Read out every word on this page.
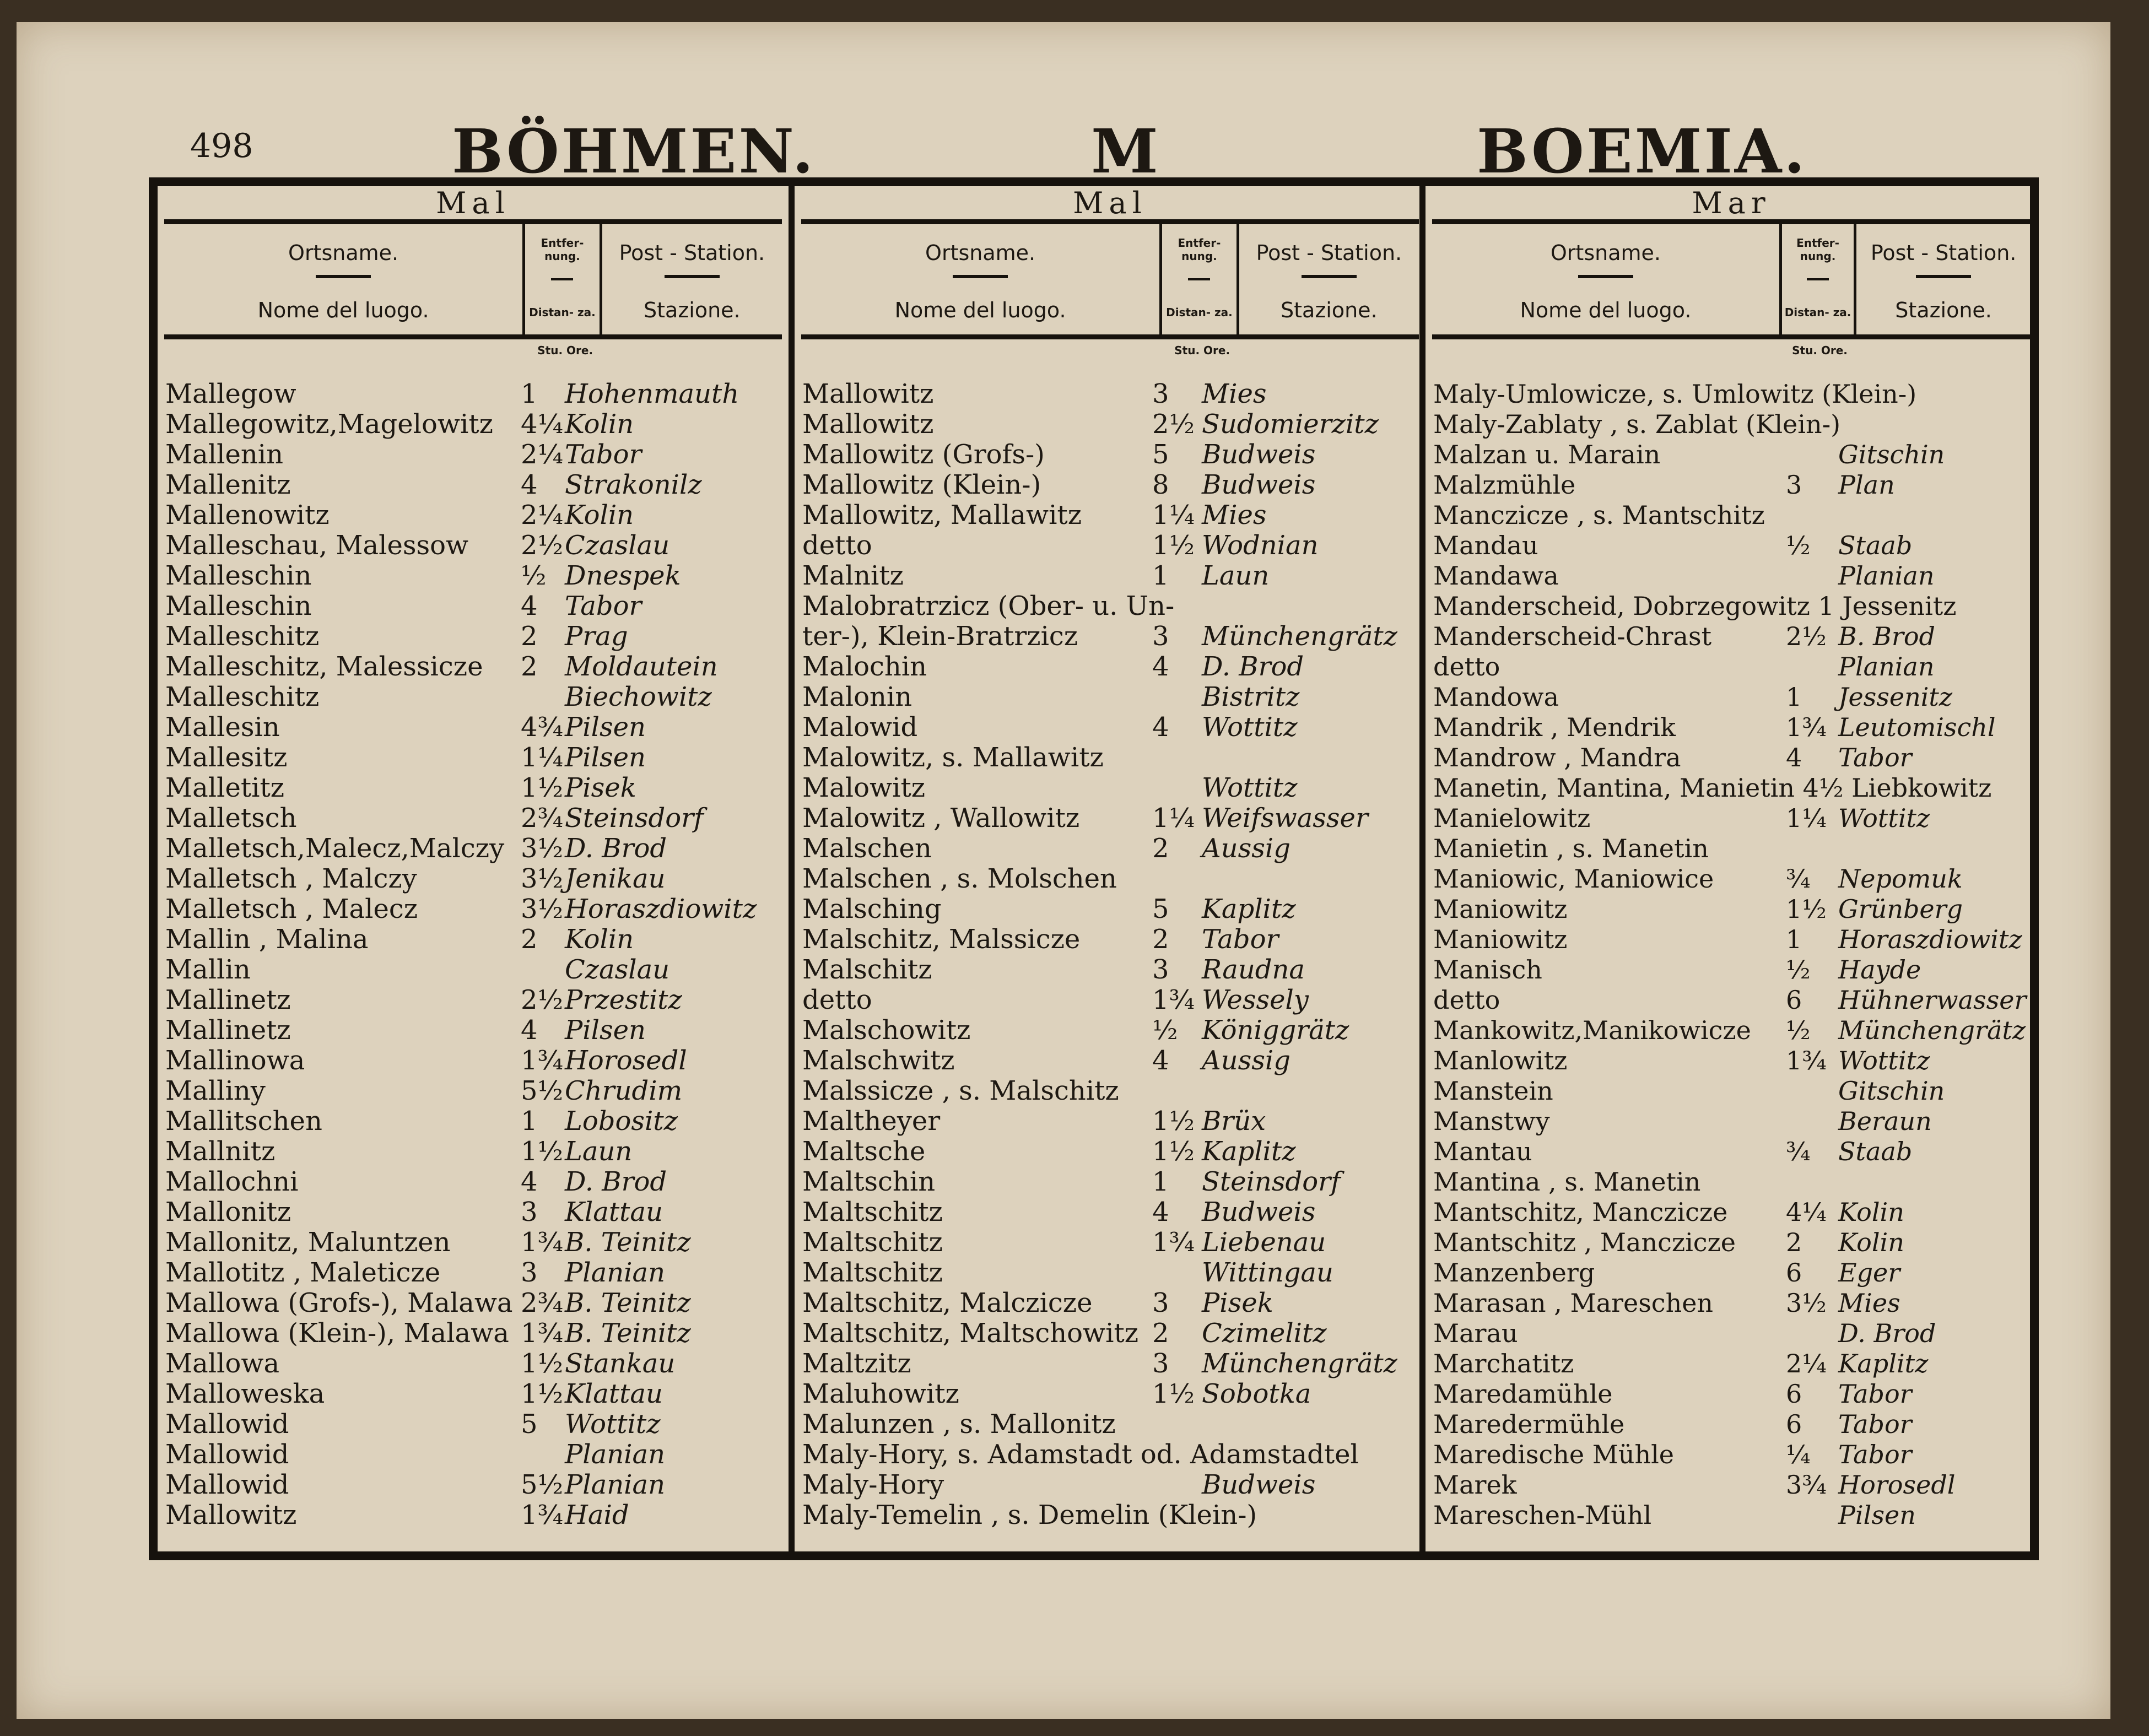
498	BÖHMEN.	M	BOEMIA.
Mal
Ortsname.
Nome del luogo.
Entfer- nung.
Distan- za.
Post - Station.
Stazione.
Stu. Ore.
Mallegow	1	Hohenmauth
Mallegowitz,Magelowitz 4¼ Kolin
Mallenin	2¼ Tabor
Mallenitz	4	Strakonilz
Mallenowitz	2¼ Kolin
Malleschau, Malessow 2½ Czaslau
Malleschin	½ Dnespek
Malleschin	4	Tabor
Malleschitz	2	Prag
Malleschitz, Malessicze 2	Moldautein
Malleschitz	Biechowitz
Mallesin	4¾ Pilsen
Mallesitz	1¼ Pilsen
Malletitz	1½ Pisek
Malletsch	2¾ Steinsdorf
Malletsch,Malecz,Malczy 3½ D. Brod
Malletsch , Malczy	3½ Jenikau
Malletsch , Malecz	3½ Horaszdiowitz
Mallin , Malina	2	Kolin
Mallin	Czaslau
Mallinetz	2½ Przestitz
Mallinetz	4	Pilsen
Mallinowa	1¾ Horosedl
Malliny	5½ Chrudim
Mallitschen	1	Lobositz
Mallnitz	1½ Laun
Mallochni	4	D. Brod
Mallonitz	3	Klattau
Mallonitz, Maluntzen	1¾ B. Teinitz
Mallotitz , Maleticze	3	Planian
Mallowa (Grofs-), Malawa 2¾ B. Teinitz
Mallowa (Klein-), Malawa 1¾ B. Teinitz
Mallowa	1½ Stankau
Malloweska	1½ Klattau
Mallowid	5	Wottitz
Mallowid	Planian
Mallowid	5½ Planian
Mallowitz	1¾ Haid
Mal
Ortsname.
Nome del luogo.
Entfer- nung.
Distan- za.
Post - Station.
Stazione.
Stu. Ore.
Mallowitz	3	Mies
Mallowitz	2½ Sudomierzitz
Mallowitz (Grofs-)	5	Budweis
Mallowitz (Klein-)	8	Budweis
Mallowitz, Mallawitz	1¼ Mies
detto	1½ Wodnian
Malnitz	1	Laun
Malobratrzicz (Ober- u. Un-
ter-), Klein-Bratrzicz	3	Münchengrätz
Malochin	4	D. Brod
Malonin	Bistritz
Malowid	4	Wottitz
Malowitz, s. Mallawitz
Malowitz	Wottitz
Malowitz , Wallowitz	1¼ Weifswasser
Malschen	2	Aussig
Malschen , s. Molschen
Malsching	5	Kaplitz
Malschitz, Malssicze	2	Tabor
Malschitz	3	Raudna
detto	1¾ Wessely
Malschowitz	½ Königgrätz
Malschwitz	4	Aussig
Malssicze , s. Malschitz
Maltheyer	1½ Brüx
Maltsche	1½ Kaplitz
Maltschin	1	Steinsdorf
Maltschitz	4	Budweis
Maltschitz	1¾ Liebenau
Maltschitz	Wittingau
Maltschitz, Malczicze 3	Pisek
Maltschitz, Maltschowitz 2	Czimelitz
Maltzitz	3	Münchengrätz
Maluhowitz	1½ Sobotka
Malunzen , s. Mallonitz
Maly-Hory, s. Adamstadt od. Adamstadtel
Maly-Hory	Budweis
Maly-Temelin , s. Demelin (Klein-)
Mar
Ortsname.
Nome del luogo.
Entfer- nung.
Distan- za.
Post - Station.
Stazione.
Stu. Ore.
Maly-Umlowicze, s. Umlowitz (Klein-)
Maly-Zablaty , s. Zablat (Klein-)
Malzan u. Marain	Gitschin
Malzmühle	3	Plan
Manczicze , s. Mantschitz
Mandau	½	Staab
Mandawa	Planian
Manderscheid, Dobrzegowitz 1 Jessenitz
Manderscheid-Chrast	2½ B. Brod
detto	Planian
Mandowa	1	Jessenitz
Mandrik , Mendrik	1¾ Leutomischl
Mandrow , Mandra	4	Tabor
Manetin, Mantina, Manietin 4½ Liebkowitz
Manielowitz	1¼ Wottitz
Manietin , s. Manetin
Maniowic, Maniowice	¾	Nepomuk
Maniowitz	1½ Grünberg
Maniowitz	1	Horaszdiowitz
Manisch	½	Hayde
detto	6	Hühnerwasser
Mankowitz,Manikowicze ½	Münchengrätz
Manlowitz	1¾ Wottitz
Manstein	Gitschin
Manstwy	Beraun
Mantau	¾	Staab
Mantina , s. Manetin
Mantschitz, Manczicze 4¼ Kolin
Mantschitz , Manczicze 2	Kolin
Manzenberg	6	Eger
Marasan , Mareschen	3½ Mies
Marau	D. Brod
Marchatitz	2¼ Kaplitz
Maredamühle	6	Tabor
Maredermühle	6	Tabor
Maredische Mühle	¼	Tabor
Marek	3¾ Horosedl
Mareschen-Mühl	Pilsen
